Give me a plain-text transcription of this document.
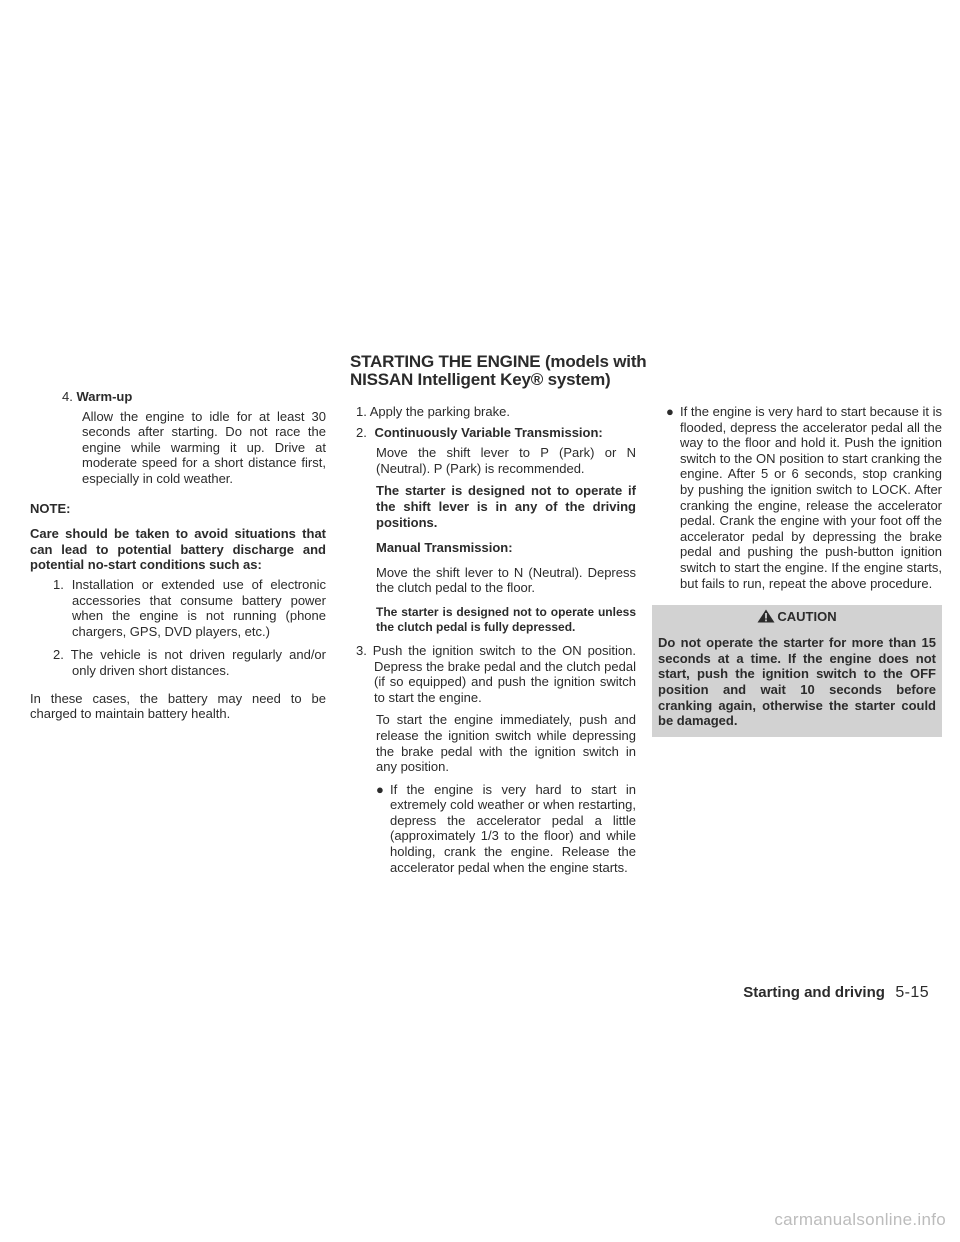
STARTING THE ENGINE (models with
NISSAN Intelligent Key® system)
4. Warm-up
Allow the engine to idle for at least 30 seconds after starting. Do not race the engine while warming it up. Drive at moderate speed for a short distance first, especially in cold weather.
NOTE:
Care should be taken to avoid situations that can lead to potential battery discharge and potential no-start conditions such as:
1. Installation or extended use of electronic accessories that consume battery power when the engine is not running (phone chargers, GPS, DVD players, etc.)
2. The vehicle is not driven regularly and/or only driven short distances.
In these cases, the battery may need to be charged to maintain battery health.
1. Apply the parking brake.
2. Continuously Variable Transmission:
Move the shift lever to P (Park) or N (Neutral). P (Park) is recommended.
The starter is designed not to operate if the shift lever is in any of the driving positions.
Manual Transmission:
Move the shift lever to N (Neutral). Depress the clutch pedal to the floor.
The starter is designed not to operate unless the clutch pedal is fully depressed.
3. Push the ignition switch to the ON position. Depress the brake pedal and the clutch pedal (if so equipped) and push the ignition switch to start the engine.
To start the engine immediately, push and release the ignition switch while depressing the brake pedal with the ignition switch in any position.
● If the engine is very hard to start in extremely cold weather or when restarting, depress the accelerator pedal a little (approximately 1/3 to the floor) and while holding, crank the engine. Release the accelerator pedal when the engine starts.
● If the engine is very hard to start because it is flooded, depress the accelerator pedal all the way to the floor and hold it. Push the ignition switch to the ON position to start cranking the engine. After 5 or 6 seconds, stop cranking by pushing the ignition switch to LOCK. After cranking the engine, release the accelerator pedal. Crank the engine with your foot off the accelerator pedal by depressing the brake pedal and pushing the push-button ignition switch to start the engine. If the engine starts, but fails to run, repeat the above procedure.
CAUTION
Do not operate the starter for more than 15 seconds at a time. If the engine does not start, push the ignition switch to the OFF position and wait 10 seconds before cranking again, otherwise the starter could be damaged.
Starting and driving 5-15
carmanualsonline.info
